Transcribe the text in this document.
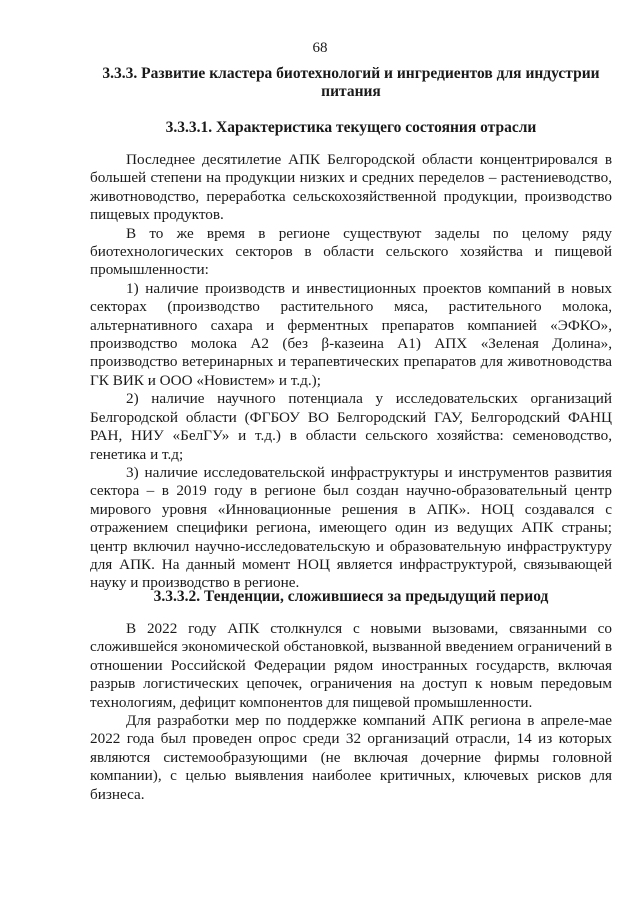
68
3.3.3. Развитие кластера биотехнологий и ингредиентов для индустрии питания
3.3.3.1. Характеристика текущего состояния отрасли

Последнее десятилетие АПК Белгородской области концентрировался в большей степени на продукции низких и средних переделов – растениеводство, животноводство, переработка сельскохозяйственной продукции, производство пищевых продуктов.

В то же время в регионе существуют заделы по целому ряду биотехнологических секторов в области сельского хозяйства и пищевой промышленности:

1) наличие производств и инвестиционных проектов компаний в новых секторах (производство растительного мяса, растительного молока, альтернативного сахара и ферментных препаратов компанией «ЭФКО», производство молока А2 (без β-казеина А1) АПХ «Зеленая Долина», производство ветеринарных и терапевтических препаратов для животноводства ГК ВИК и ООО «Новистем» и т.д.);

2) наличие научного потенциала у исследовательских организаций Белгородской области (ФГБОУ ВО Белгородский ГАУ, Белгородский ФАНЦ РАН, НИУ «БелГУ» и т.д.) в области сельского хозяйства: семеноводство, генетика и т.д;

3) наличие исследовательской инфраструктуры и инструментов развития сектора – в 2019 году в регионе был создан научно-образовательный центр мирового уровня «Инновационные решения в АПК». НОЦ создавался с отражением специфики региона, имеющего один из ведущих АПК страны; центр включил научно-исследовательскую и образовательную инфраструктуру для АПК. На данный момент НОЦ является инфраструктурой, связывающей науку и производство в регионе.

3.3.3.2. Тенденции, сложившиеся за предыдущий период

В 2022 году АПК столкнулся с новыми вызовами, связанными со сложившейся экономической обстановкой, вызванной введением ограничений в отношении Российской Федерации рядом иностранных государств, включая разрыв логистических цепочек, ограничения на доступ к новым передовым технологиям, дефицит компонентов для пищевой промышленности.

Для разработки мер по поддержке компаний АПК региона в апреле-мае 2022 года был проведен опрос среди 32 организаций отрасли, 14 из которых являются системообразующими (не включая дочерние фирмы головной компании), с целью выявления наиболее критичных, ключевых рисков для бизнеса.
